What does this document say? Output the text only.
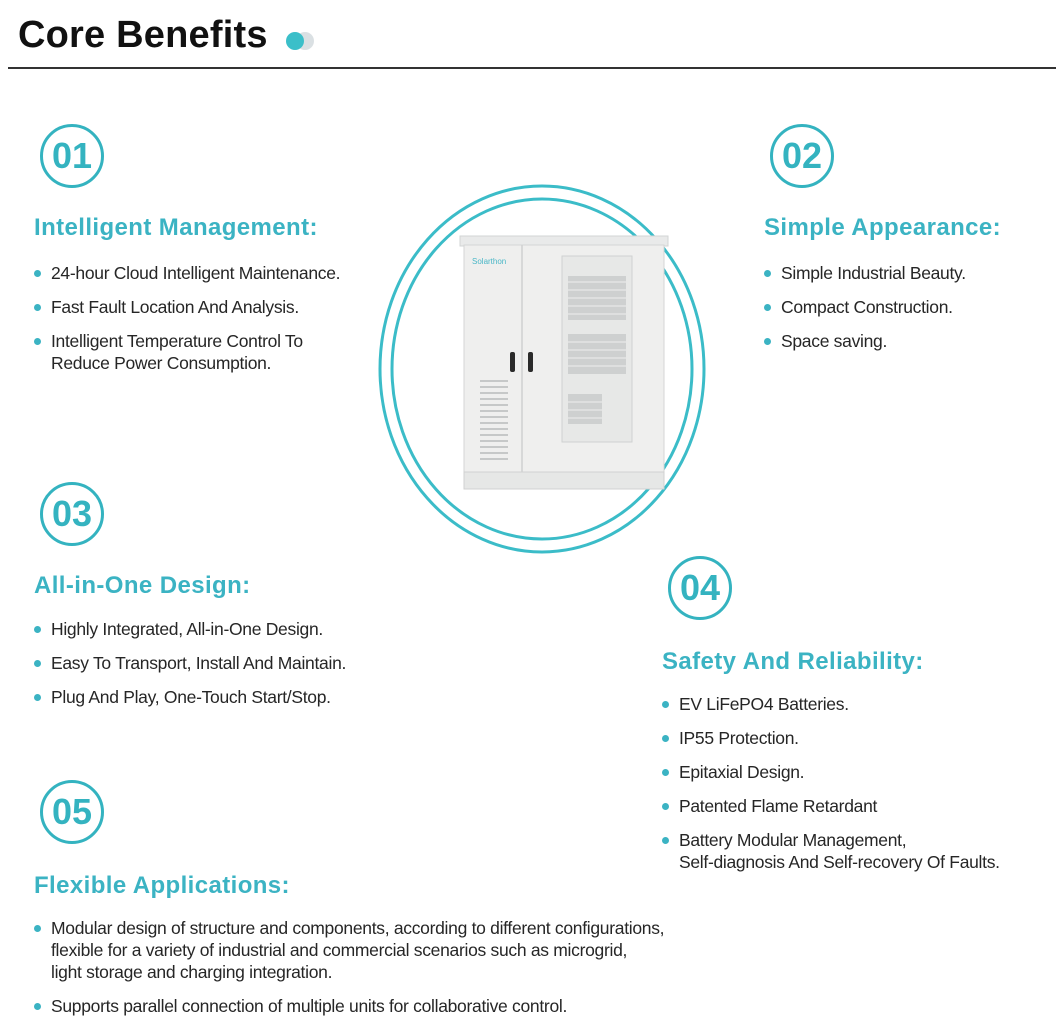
Core Benefits
01
Intelligent Management:
24-hour Cloud Intelligent Maintenance.
Fast Fault Location And Analysis.
Intelligent Temperature Control To
Reduce Power Consumption.
02
Simple Appearance:
Simple Industrial Beauty.
Compact Construction.
Space saving.
03
All-in-One Design:
Highly Integrated, All-in-One Design.
Easy To Transport, Install And Maintain.
Plug And Play, One-Touch Start/Stop.
04
Safety And Reliability:
EV LiFePO4 Batteries.
IP55 Protection.
Epitaxial Design.
Patented Flame Retardant
Battery Modular Management,
Self-diagnosis And Self-recovery Of Faults.
05
Flexible Applications:
Modular design of structure and components, according to different configurations,
flexible for a variety of industrial and commercial scenarios such as microgrid,
light storage and charging integration.
Supports parallel connection of multiple units for collaborative control.
Solarthon
